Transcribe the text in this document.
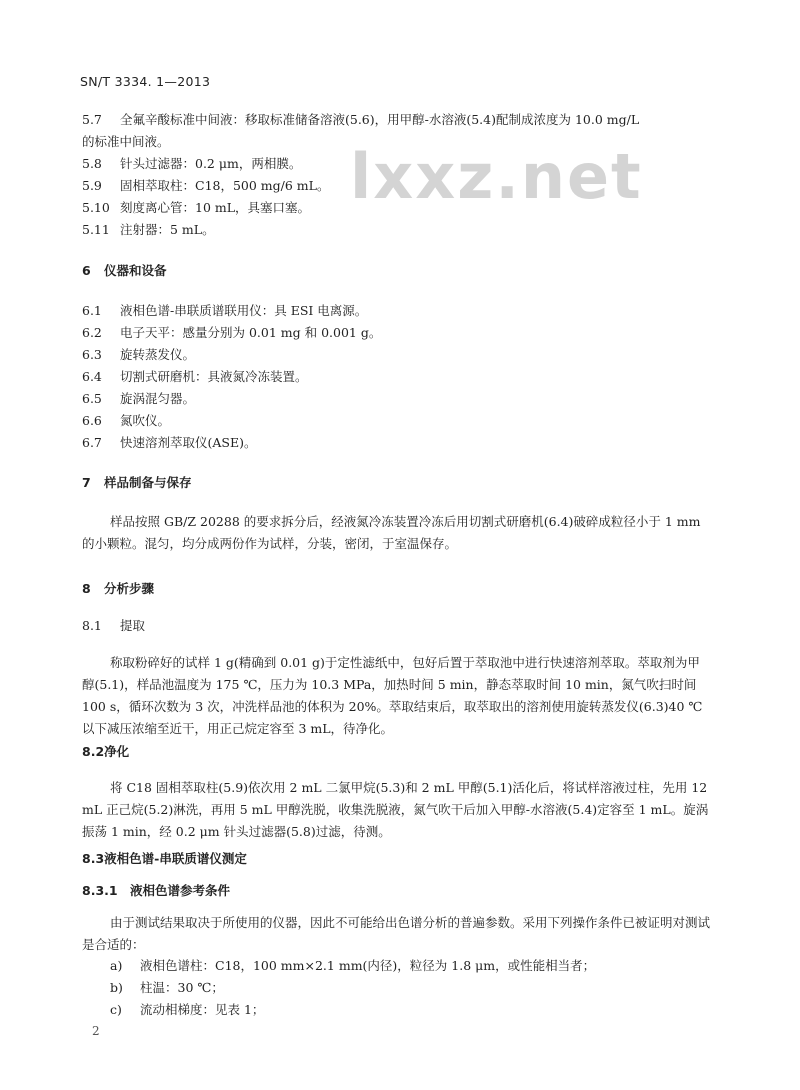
SN/T 3334. 1—2013
lxxz.net
5.7 全氟辛酸标准中间液：移取标准储备溶液(5.6)，用甲醇-水溶液(5.4)配制成浓度为 10.0 mg/L
的标准中间液。
5.8 针头过滤器：0.2 μm，两相膜。
5.9 固相萃取柱：C18，500 mg/6 mL。
5.10 刻度离心管：10 mL，具塞口塞。
5.11 注射器：5 mL。
6 仪器和设备
6.1 液相色谱-串联质谱联用仪：具 ESI 电离源。
6.2 电子天平：感量分别为 0.01 mg 和 0.001 g。
6.3 旋转蒸发仪。
6.4 切割式研磨机：具液氮冷冻装置。
6.5 旋涡混匀器。
6.6 氮吹仪。
6.7 快速溶剂萃取仪(ASE)。
7 样品制备与保存
样品按照 GB/Z 20288 的要求拆分后，经液氮冷冻装置冷冻后用切割式研磨机(6.4)破碎成粒径小于 1 mm 的小颗粒。混匀，均分成两份作为试样，分装，密闭，于室温保存。
8 分析步骤
8.1 提取
称取粉碎好的试样 1 g(精确到 0.01 g)于定性滤纸中，包好后置于萃取池中进行快速溶剂萃取。萃取剂为甲醇(5.1)，样品池温度为 175 ℃，压力为 10.3 MPa，加热时间 5 min，静态萃取时间 10 min，氮气吹扫时间 100 s，循环次数为 3 次，冲洗样品池的体积为 20%。萃取结束后，取萃取出的溶剂使用旋转蒸发仪(6.3)40 ℃以下减压浓缩至近干，用正己烷定容至 3 mL，待净化。
8.2净化
将 C18 固相萃取柱(5.9)依次用 2 mL 二氯甲烷(5.3)和 2 mL 甲醇(5.1)活化后，将试样溶液过柱，先用 12 mL 正己烷(5.2)淋洗，再用 5 mL 甲醇洗脱，收集洗脱液，氮气吹干后加入甲醇-水溶液(5.4)定容至 1 mL。旋涡振荡 1 min，经 0.2 μm 针头过滤器(5.8)过滤，待测。
8.3液相色谱-串联质谱仪测定
8.3.1 液相色谱参考条件
由于测试结果取决于所使用的仪器，因此不可能给出色谱分析的普遍参数。采用下列操作条件已被证明对测试是合适的：
a) 液相色谱柱：C18，100 mm×2.1 mm(内径)，粒径为 1.8 μm，或性能相当者；
b) 柱温：30 ℃；
c) 流动相梯度：见表 1；
2
